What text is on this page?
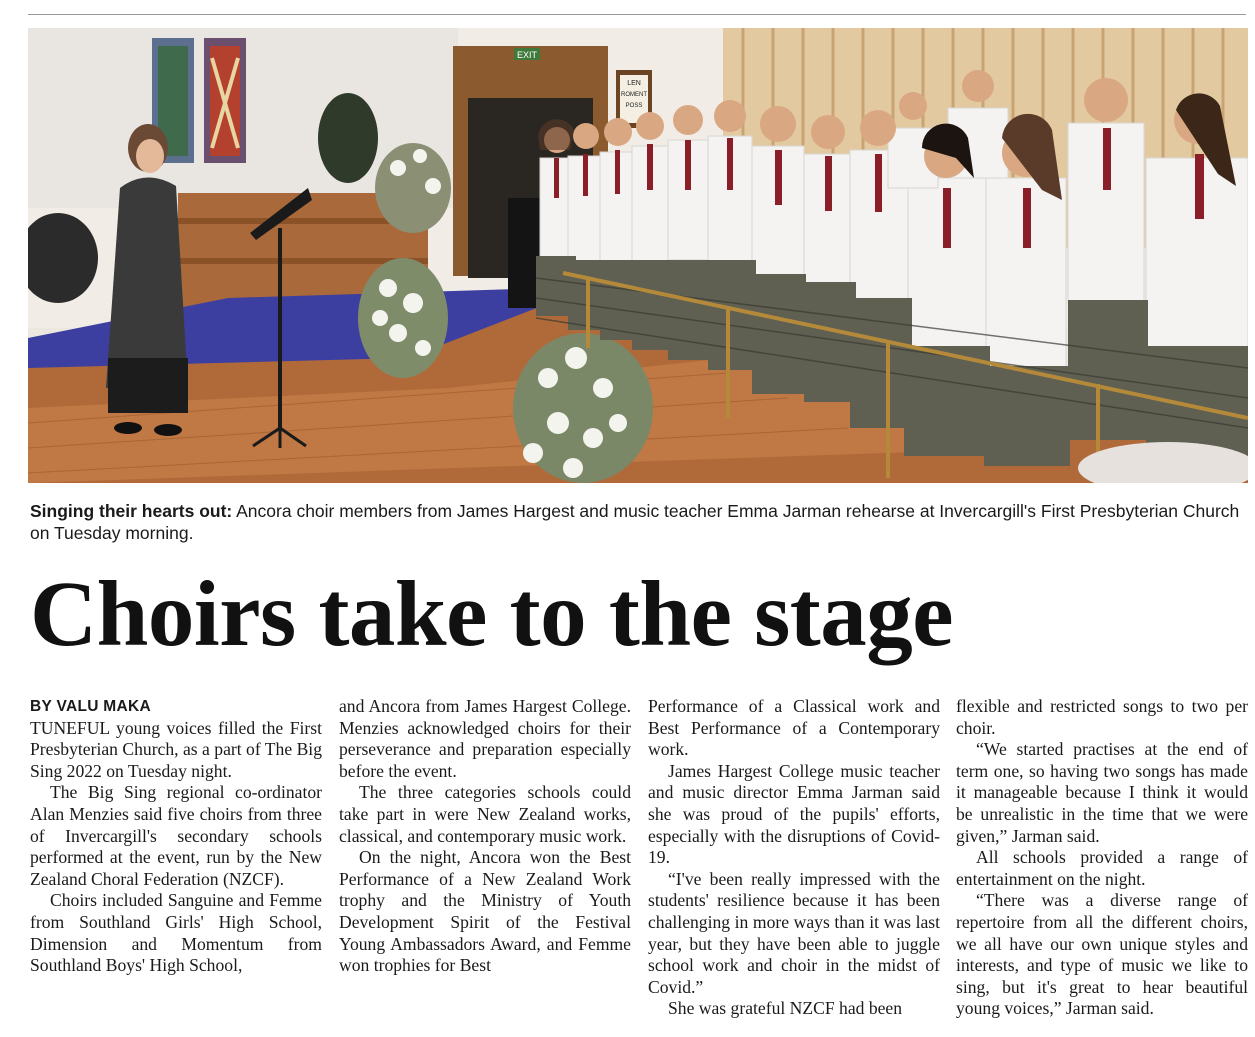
EXIT
LEN
ROMENT
POSS
Singing their hearts out: Ancora choir members from James Hargest and music teacher Emma Jarman rehearse at Invercargill's First Presbyterian Church on Tuesday morning.
Choirs take to the stage
BY VALU MAKA

TUNEFUL young voices filled the First Presbyterian Church, as a part of The Big Sing 2022 on Tuesday night.

The Big Sing regional co-ordinator Alan Menzies said five choirs from three of Invercargill's secondary schools performed at the event, run by the New Zealand Choral Federation (NZCF).

Choirs included Sanguine and Femme from Southland Girls' High School, Dimension and Momentum from Southland Boys' High School,

and Ancora from James Hargest College. Menzies acknowledged choirs for their perseverance and preparation especially before the event.

The three categories schools could take part in were New Zealand works, classical, and contemporary music work.

On the night, Ancora won the Best Performance of a New Zealand Work trophy and the Ministry of Youth Development Spirit of the Festival Young Ambassadors Award, and Femme won trophies for Best

Performance of a Classical work and Best Performance of a Contemporary work.

James Hargest College music teacher and music director Emma Jarman said she was proud of the pupils' efforts, especially with the disruptions of Covid-19.

“I've been really impressed with the students' resilience because it has been challenging in more ways than it was last year, but they have been able to juggle school work and choir in the midst of Covid.”

She was grateful NZCF had been

flexible and restricted songs to two per choir.

“We started practises at the end of term one, so having two songs has made it manageable because I think it would be unrealistic in the time that we were given,” Jarman said.

All schools provided a range of entertainment on the night.

“There was a diverse range of repertoire from all the different choirs, we all have our own unique styles and interests, and type of music we like to sing, but it's great to hear beautiful young voices,” Jarman said.
